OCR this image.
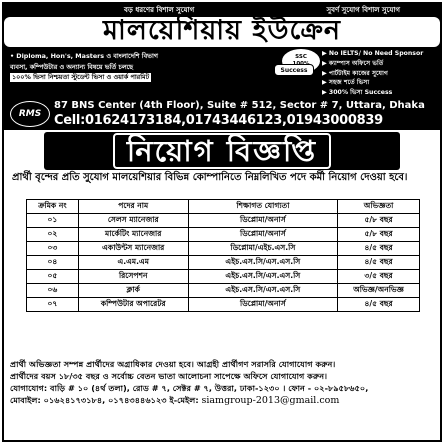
বড় ধরণের বিশাল সুযোগ	সুবর্ণ সুযোগ বিশাল সুযোগ
মালয়েশিয়ায় ইউক্রেন
• Diploma, Hon's, Masters ও বাংলাদেশি বিভাগ
ব্যবসা, কম্পিউটার ও অন্যান্য বিষয়ে ভর্তি চলছে
১০০% ভিসা নিশ্চয়তা স্টুডেন্ট ভিসা ও ওয়ার্ক পারমিট
SSC
Success
▶ No IELTS/ No Need Sponsor
▶ ক্যাম্পাস অফিসে ভর্তি
▶ পার্টটাইম কাজের সুযোগ
▶ সহজ শর্তে ভিসা
▶ 300% ভিসা Success
RMS
87 BNS Center (4th Floor), Suite # 512, Sector # 7, Uttara, Dhaka
Cell:01624173184,01743446123,01943000839
নিয়োগ বিজ্ঞপ্তি
প্রার্থী বৃন্দের প্রতি সু্যোগ মালয়েশিয়ার বিভিন্ন কোম্পানিতে নিম্নলিখিত পদে কর্মী নিয়োগ দেওয়া হবে।
ক্রমিক নং	পদের নাম	শিক্ষাগত যোগ্যতা	অভিজ্ঞতা
০১	সেলস ম্যানেজার	ডিপ্লোমা/অনার্স	৫/৮ বছর
০২	মার্কেটিং ম্যানেজার	ডিপ্লোমা/অনার্স	৫/৮ বছর
০৩	একাউন্টস ম্যানেজার	ডিপ্লোমা/এইচ.এস.সি	৪/৫ বছর
০৪	এ.এম.এম	এইচ.এস.সি/এস.এস.সি	৪/৫ বছর
০৫	রিসেপশন	এইচ.এস.সি/এস.এস.সি	৩/৫ বছর
০৬	ক্লার্ক	এইচ.এস.সি/এস.এস.সি	অভিজ্ঞ/অনভিজ্ঞ
০৭	কম্পিউটার অপারেটর	ডিপ্লোমা/অনার্স	৪/৫ বছর
প্রার্থী অভিজ্ঞতা সম্পন্ন প্রার্থীদের অগ্রাধিকার দেওয়া হবে। আগ্রহী প্রার্থীগণ সরাসরি যোগাযোগ করুন।
প্রার্থীদের বয়স ১৮/৩৫ বছর ও সর্বোচ্চ বেতন ভাতা আলোচনা সাপেক্ষে অফিসে যোগাযোগ করুন।
যোগাযোগ: বাড়ি # ১০ (৪র্থ তলা), রোড # ৭, সেক্টর # ৭, উত্তরা, ঢাকা-১২৩০ । ফোন - ০২-৮৯৫৮৬৫০,
মোবাইল: ০১৬২৪১৭৩১৮৪, ০১৭৪৩৪৪৬১২৩ ই-মেইল: siamgroup-2013@gmail.com
